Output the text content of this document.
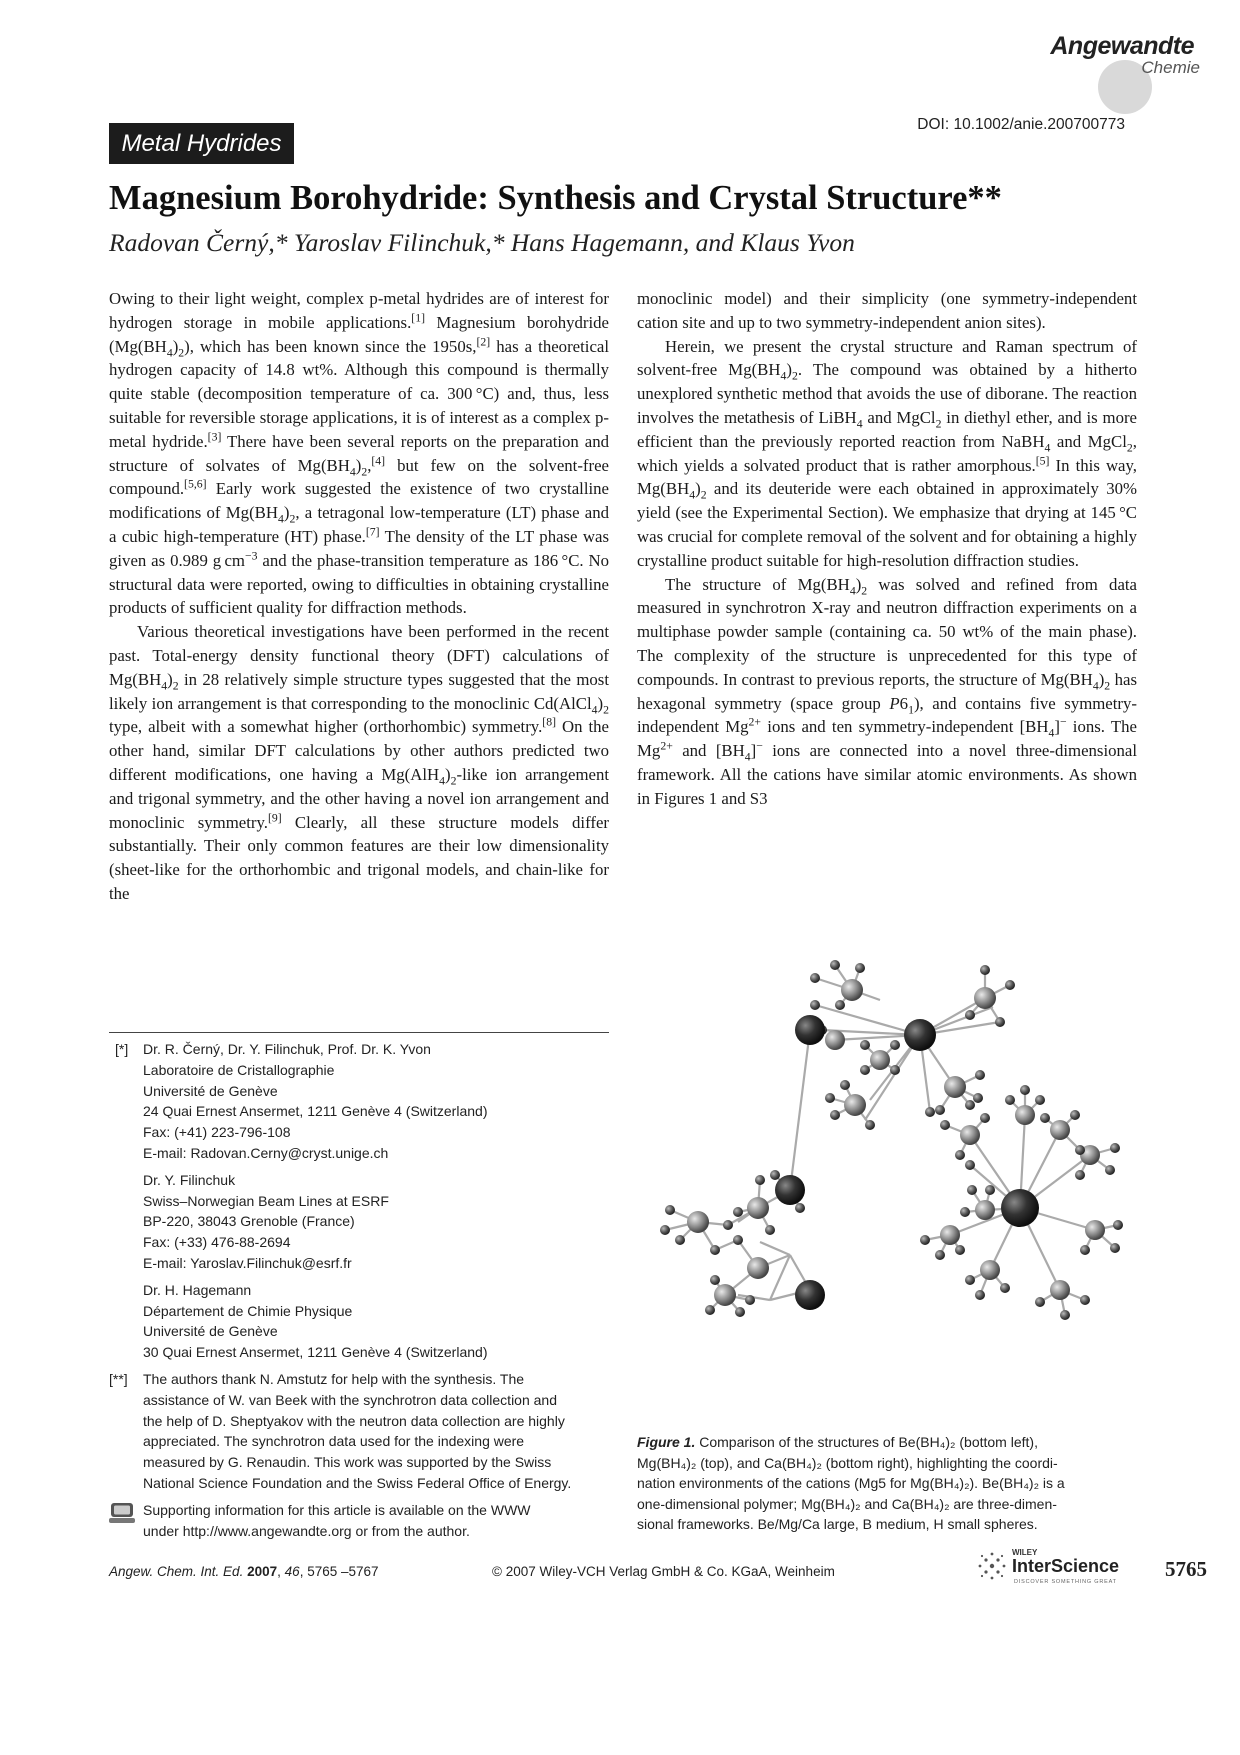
Angewandte
Chemie
Metal Hydrides
DOI: 10.1002/anie.200700773
Magnesium Borohydride: Synthesis and Crystal Structure**
Radovan Černý,* Yaroslav Filinchuk,* Hans Hagemann, and Klaus Yvon

Owing to their light weight, complex p-metal hydrides are of interest for hydrogen storage in mobile applications.[1] Magnesium borohydride $(Mg(BH_4)_2)$, which has been known since the 1950s,[2] has a theoretical hydrogen capacity of 14.8 wt%. Although this compound is thermally quite stable (decomposition temperature of ca. 300 °C) and, thus, less suitable for reversible storage applications, it is of interest as a complex p-metal hydride.[3] There have been several reports on the preparation and structure of solvates of $Mg(BH_4)_2,[4]$ but few on the solvent-free compound.[5,6] Early work suggested the existence of two crystalline modifications of $Mg(BH_4)_2$, a tetragonal low-temperature (LT) phase and a cubic high-temperature (HT) phase.[7] The density of the LT phase was given as 0.989 g $cm^{-3}$ and the phase-transition temperature as 186 °C. No structural data were reported, owing to difficulties in obtaining crystalline products of sufficient quality for diffraction methods.

Various theoretical investigations have been performed in the recent past. Total-energy density functional theory (DFT) calculations of $Mg(BH_4)_2$ in 28 relatively simple structure types suggested that the most likely ion arrangement is that corresponding to the monoclinic $Cd(AlCl_4)_2$ type, albeit with a somewhat higher (orthorhombic) symmetry.[8] On the other hand, similar DFT calculations by other authors predicted two different modifications, one having a $Mg(AlH_4)_2$-like ion arrangement and trigonal symmetry, and the other having a novel ion arrangement and monoclinic symmetry.[9] Clearly, all these structure models differ substantially. Their only common features are their low dimensionality (sheet-like for the orthorhombic and trigonal models, and chain-like for the

monoclinic model) and their simplicity (one symmetry-independent cation site and up to two symmetry-independent anion sites).

Herein, we present the crystal structure and Raman spectrum of solvent-free $Mg(BH_4)_2$. The compound was obtained by a hitherto unexplored synthetic method that avoids the use of diborane. The reaction involves the metathesis of LiBH$_4$ and MgCl$_2$ in diethyl ether, and is more efficient than the previously reported reaction from NaBH$_4$ and MgCl$_2$, which yields a solvated product that is rather amorphous.[5] In this way, $Mg(BH_4)_2$ and its deuteride were each obtained in approximately 30% yield (see the Experimental Section). We emphasize that drying at 145 °C was crucial for complete removal of the solvent and for obtaining a highly crystalline product suitable for high-resolution diffraction studies.

The structure of $Mg(BH_4)_2$ was solved and refined from data measured in synchrotron X-ray and neutron diffraction experiments on a multiphase powder sample (containing ca. 50 wt% of the main phase). The complexity of the structure is unprecedented for this type of compounds. In contrast to previous reports, the structure of $Mg(BH_4)_2$ has hexagonal symmetry (space group $P6_1$), and contains five symmetry-independent $Mg^{2+}$ ions and ten symmetry-independent $[BH_4]^-$ ions. The $Mg^{2+}$ and $[BH_4]^-$ ions are connected into a novel three-dimensional framework. All the cations have similar atomic environments. As shown in Figures 1 and S3

[*] Dr. R. Černý, Dr. Y. Filinchuk, Prof. Dr. K. Yvon
Laboratoire de Cristallographie
Université de Genève
24 Quai Ernest Ansermet, 1211 Genève 4 (Switzerland)
Fax: (+41) 223-796-108
E-mail: Radovan.Cerny@cryst.unige.ch
Dr. Y. Filinchuk
Swiss–Norwegian Beam Lines at ESRF
BP-220, 38043 Grenoble (France)
Fax: (+33) 476-88-2694
E-mail: Yaroslav.Filinchuk@esrf.fr
Dr. H. Hagemann
Département de Chimie Physique
Université de Genève
30 Quai Ernest Ansermet, 1211 Genève 4 (Switzerland)
[**] The authors thank N. Amstutz for help with the synthesis. The
assistance of W. van Beek with the synchrotron data collection and
the help of D. Sheptyakov with the neutron data collection are highly
appreciated. The synchrotron data used for the indexing were
measured by G. Renaudin. This work was supported by the Swiss
National Science Foundation and the Swiss Federal Office of Energy.
Supporting information for this article is available on the WWW
under http://www.angewandte.org or from the author.
Figure 1. Comparison of the structures of Be(BH₄)₂ (bottom left),
Mg(BH₄)₂ (top), and Ca(BH₄)₂ (bottom right), highlighting the coordi-
nation environments of the cations (Mg5 for Mg(BH₄)₂). Be(BH₄)₂ is a
one-dimensional polymer; Mg(BH₄)₂ and Ca(BH₄)₂ are three-dimen-
sional frameworks. Be/Mg/Ca large, B medium, H small spheres.
Angew. Chem. Int. Ed. 2007, 46, 5765 –5767	© 2007 Wiley-VCH Verlag GmbH & Co. KGaA, Weinheim
WILEY
InterScience
DISCOVER SOMETHING GREAT
5765
